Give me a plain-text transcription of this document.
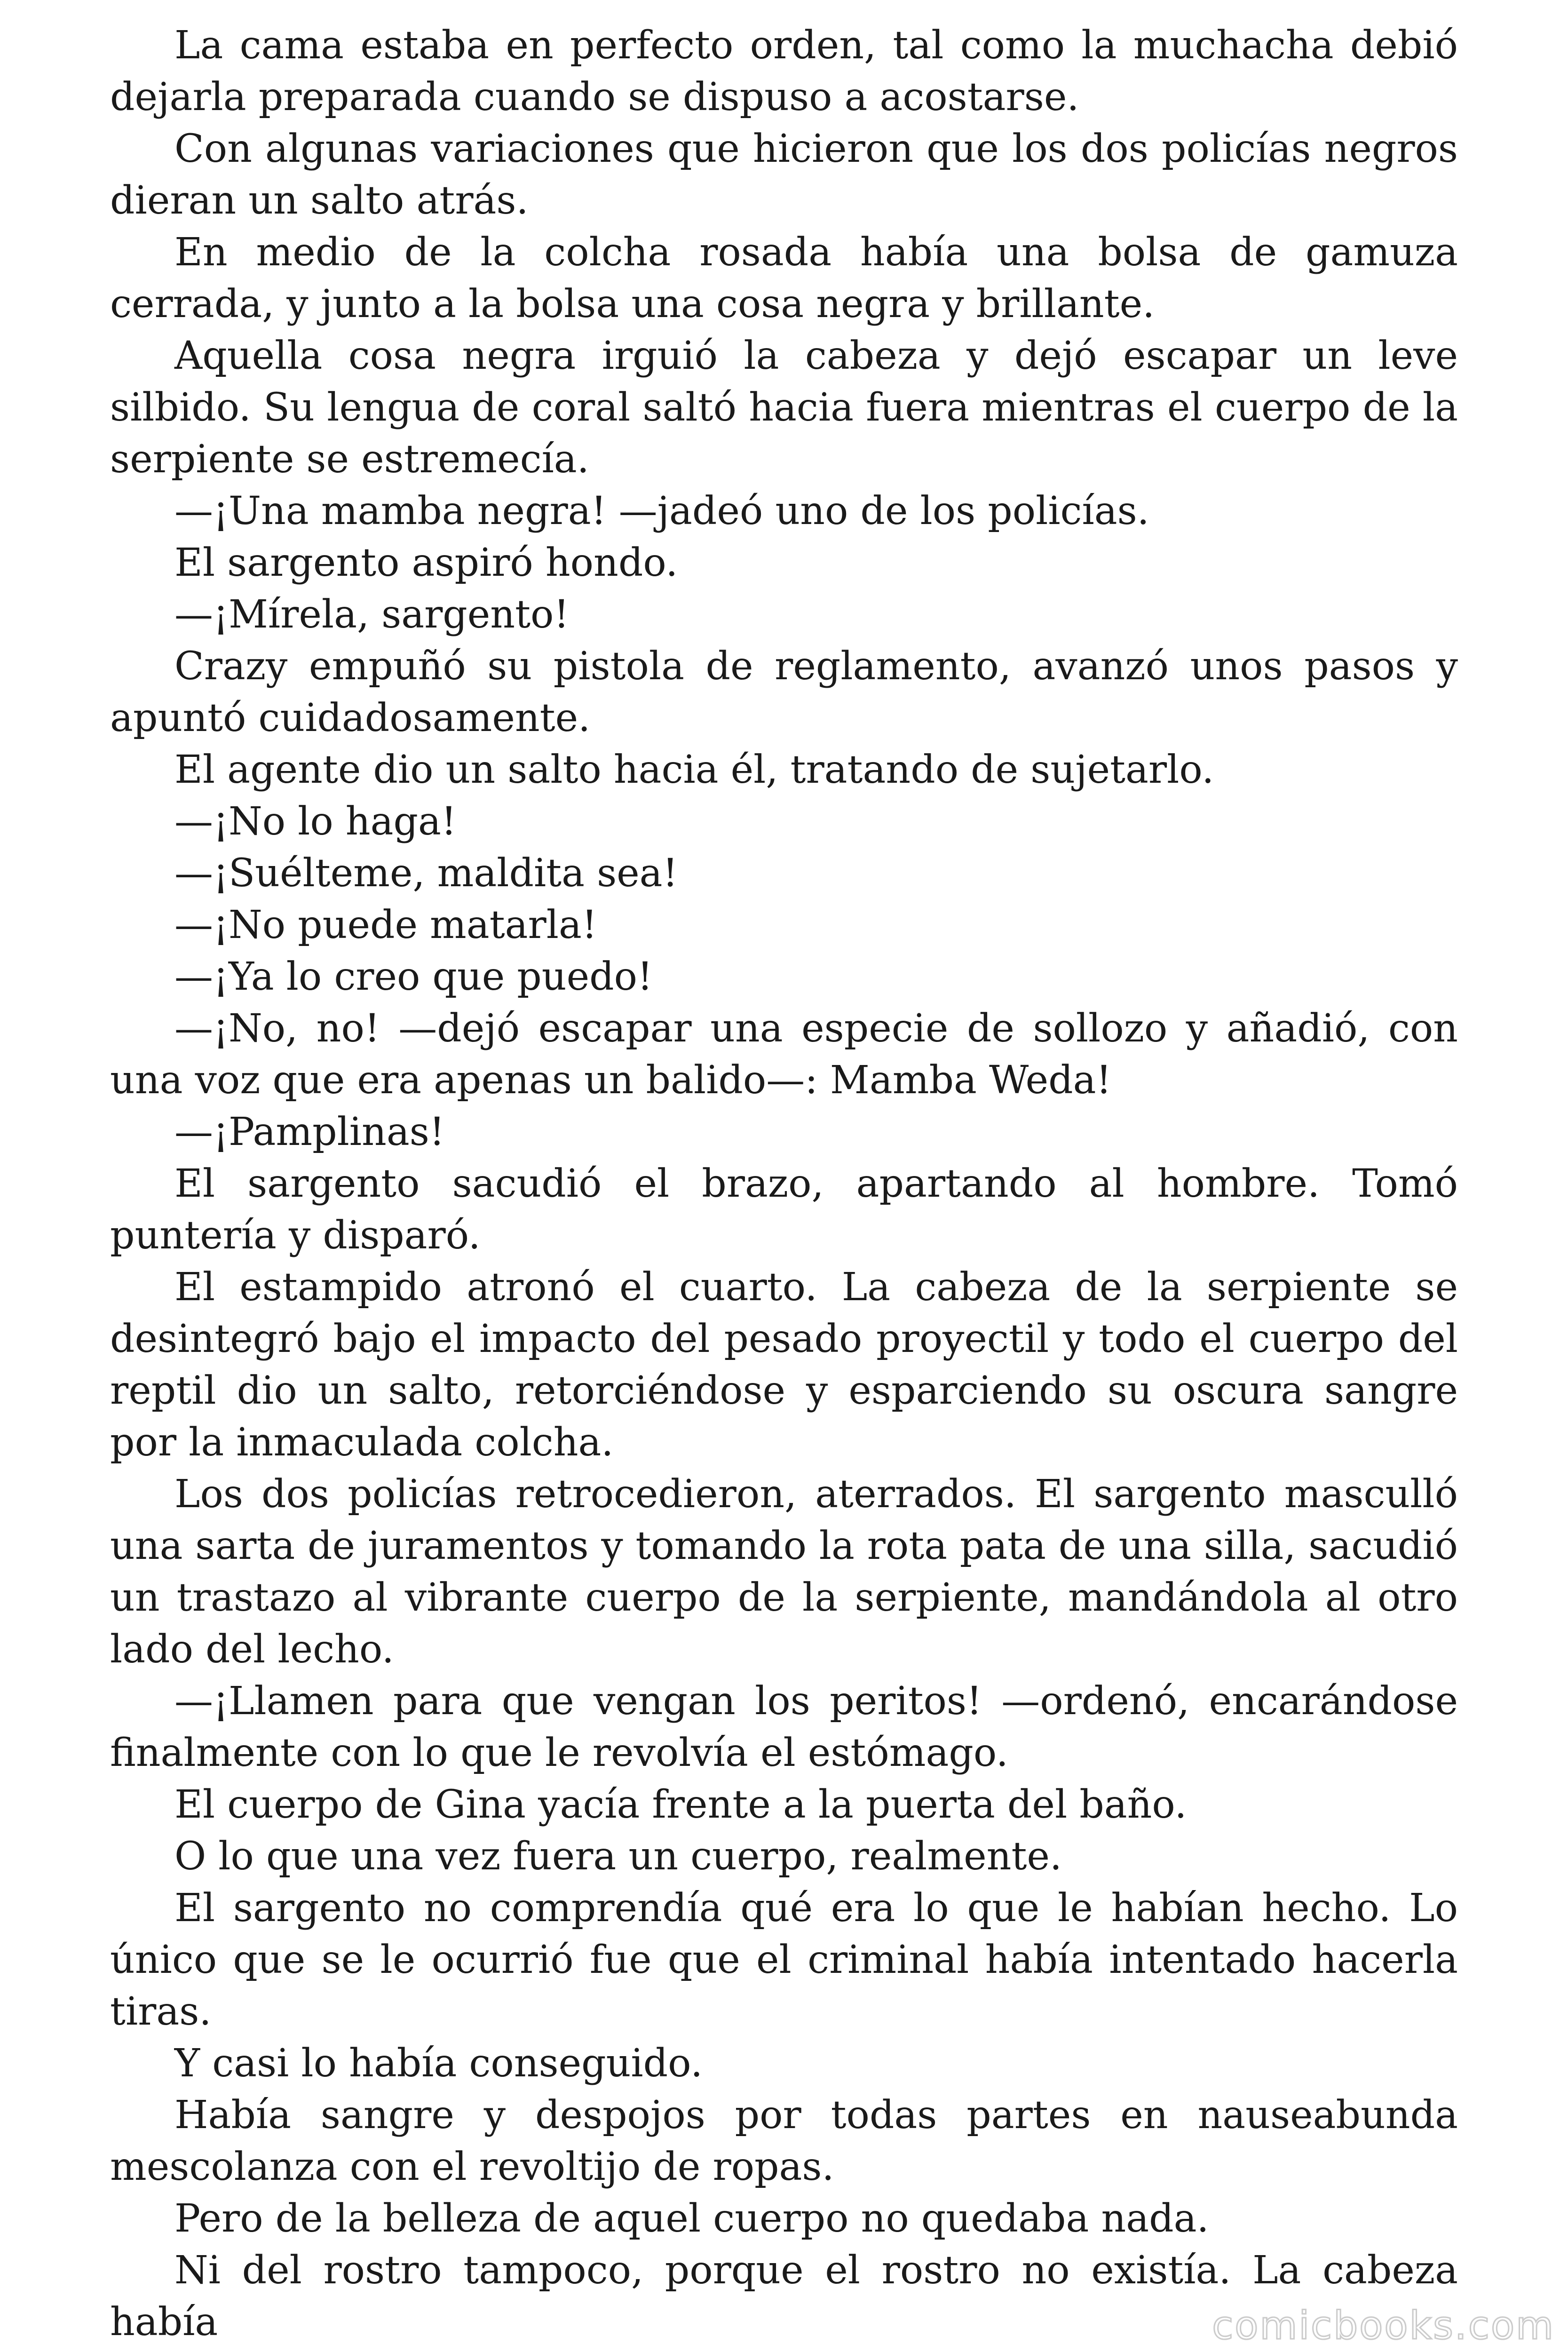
La cama estaba en perfecto orden, tal como la muchacha debió dejarla preparada cuando se dispuso a acostarse.

Con algunas variaciones que hicieron que los dos policías negros dieran un salto atrás.

En medio de la colcha rosada había una bolsa de gamuza cerrada, y junto a la bolsa una cosa negra y brillante.

Aquella cosa negra irguió la cabeza y dejó escapar un leve silbido. Su lengua de coral saltó hacia fuera mientras el cuerpo de la serpiente se estremecía.

—¡Una mamba negra! —jadeó uno de los policías.

El sargento aspiró hondo.

—¡Mírela, sargento!

Crazy empuñó su pistola de reglamento, avanzó unos pasos y apuntó cuidadosamente.

El agente dio un salto hacia él, tratando de sujetarlo.

—¡No lo haga!

—¡Suélteme, maldita sea!

—¡No puede matarla!

—¡Ya lo creo que puedo!

—¡No, no! —dejó escapar una especie de sollozo y añadió, con una voz que era apenas un balido—: Mamba Weda!

—¡Pamplinas!

El sargento sacudió el brazo, apartando al hombre. Tomó puntería y disparó.

El estampido atronó el cuarto. La cabeza de la serpiente se desintegró bajo el impacto del pesado proyectil y todo el cuerpo del reptil dio un salto, retorciéndose y esparciendo su oscura sangre por la inmaculada colcha.

Los dos policías retrocedieron, aterrados. El sargento masculló una sarta de juramentos y tomando la rota pata de una silla, sacudió un trastazo al vibrante cuerpo de la serpiente, mandándola al otro lado del lecho.

—¡Llamen para que vengan los peritos! —ordenó, encarándose finalmente con lo que le revolvía el estómago.

El cuerpo de Gina yacía frente a la puerta del baño.

O lo que una vez fuera un cuerpo, realmente.

El sargento no comprendía qué era lo que le habían hecho. Lo único que se le ocurrió fue que el criminal había intentado hacerla tiras.

Y casi lo había conseguido.

Había sangre y despojos por todas partes en nauseabunda mescolanza con el revoltijo de ropas.

Pero de la belleza de aquel cuerpo no quedaba nada.

Ni del rostro tampoco, porque el rostro no existía. La cabeza había	comicbooks.com
